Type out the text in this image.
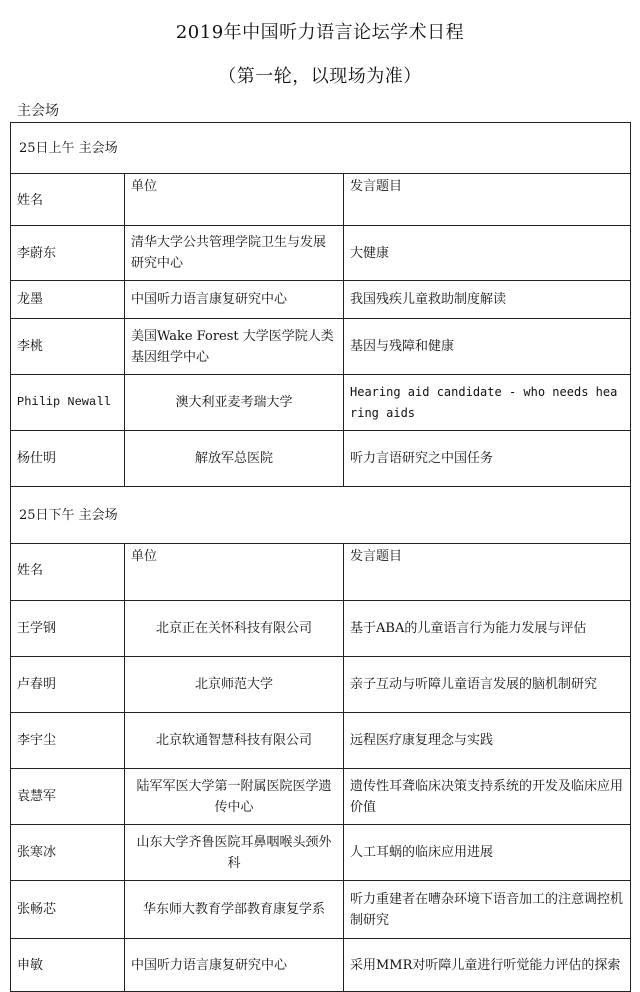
2019年中国听力语言论坛学术日程
（第一轮，以现场为准）
主会场
25日上午 主会场		

姓名	单位	发言题目

李蔚东	清华大学公共管理学院卫生与发展研究中心	大健康
龙墨	中国听力语言康复研究中心	我国残疾儿童救助制度解读
李桃	美国Wake Forest 大学医学院人类基因组学中心	基因与残障和健康
Philip Newall	澳大利亚麦考瑞大学	Hearing aid candidate - who needs hearing aids
杨仕明	解放军总医院	听力言语研究之中国任务
25日下午 主会场		

姓名	单位	发言题目

王学钢	北京正在关怀科技有限公司	基于ABA的儿童语言行为能力发展与评估
卢春明	北京师范大学	亲子互动与听障儿童语言发展的脑机制研究
李宇尘	北京软通智慧科技有限公司	远程医疗康复理念与实践
袁慧军	陆军军医大学第一附属医院医学遗传中心	遗传性耳聋临床决策支持系统的开发及临床应用价值
张寒冰	山东大学齐鲁医院耳鼻咽喉头颈外科	人工耳蜗的临床应用进展
张畅芯	华东师大教育学部教育康复学系	听力重建者在嘈杂环境下语音加工的注意调控机制研究
申敏	中国听力语言康复研究中心	采用MMR对听障儿童进行听觉能力评估的探索
